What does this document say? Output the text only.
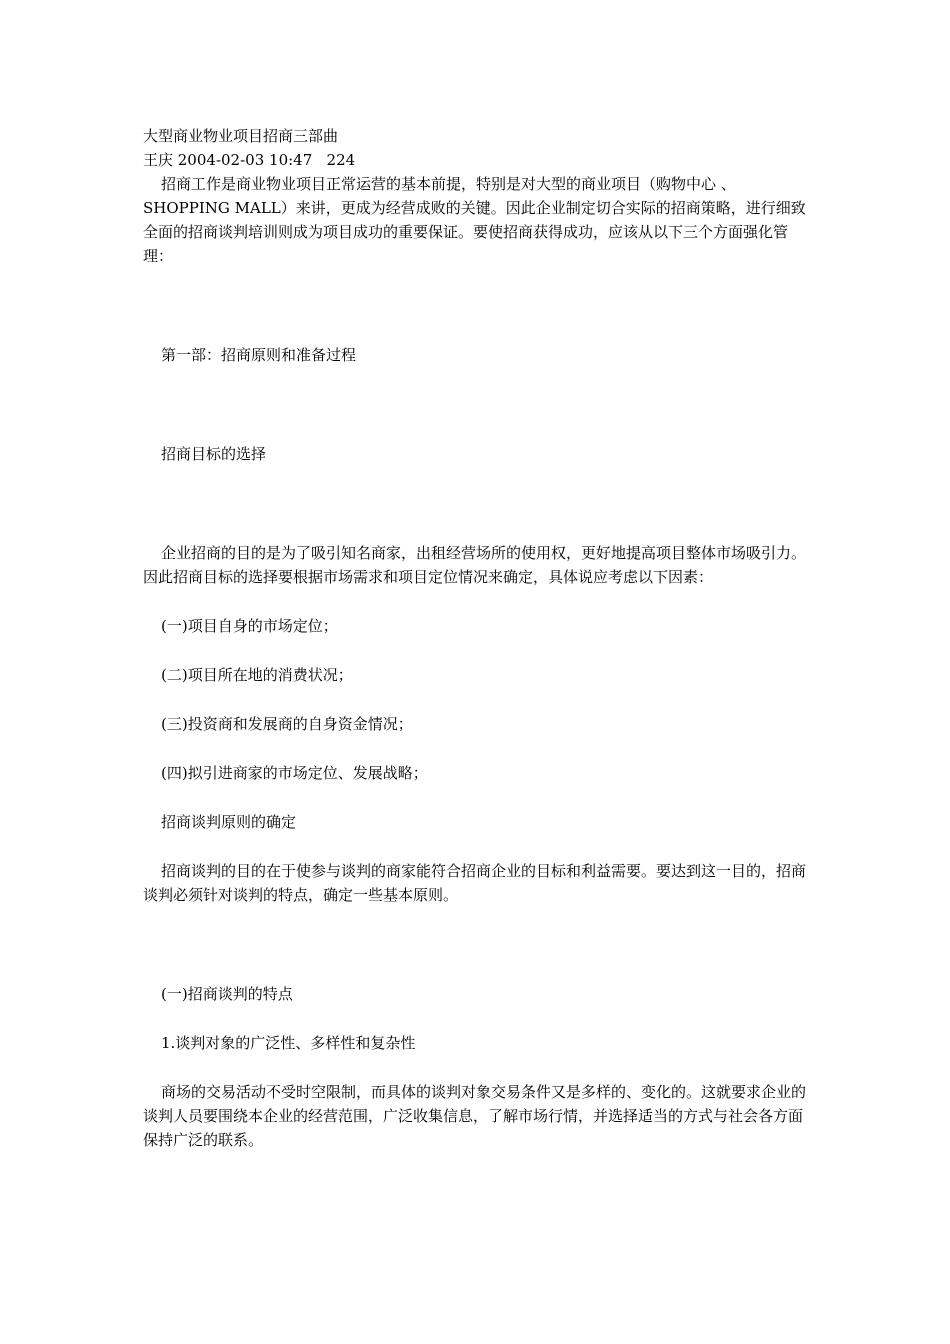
大型商业物业项目招商三部曲

王庆 2004-02-03 10:47   224

招商工作是商业物业项目正常运营的基本前提，特别是对大型的商业项目（购物中心 、SHOPPING MALL）来讲，更成为经营成败的关键。因此企业制定切合实际的招商策略，进行细致全面的招商谈判培训则成为项目成功的重要保证。要使招商获得成功，应该从以下三个方面强化管理：

第一部：招商原则和准备过程

招商目标的选择

企业招商的目的是为了吸引知名商家，出租经营场所的使用权，更好地提高项目整体市场吸引力。因此招商目标的选择要根据市场需求和项目定位情况来确定，具体说应考虑以下因素：

(一)项目自身的市场定位；

(二)项目所在地的消费状况；

(三)投资商和发展商的自身资金情况；

(四)拟引进商家的市场定位、发展战略；

招商谈判原则的确定

招商谈判的目的在于使参与谈判的商家能符合招商企业的目标和利益需要。要达到这一目的，招商谈判必须针对谈判的特点，确定一些基本原则。

(一)招商谈判的特点

1.谈判对象的广泛性、多样性和复杂性

商场的交易活动不受时空限制，而具体的谈判对象交易条件又是多样的、变化的。这就要求企业的谈判人员要围绕本企业的经营范围，广泛收集信息，了解市场行情，并选择适当的方式与社会各方面保持广泛的联系。
